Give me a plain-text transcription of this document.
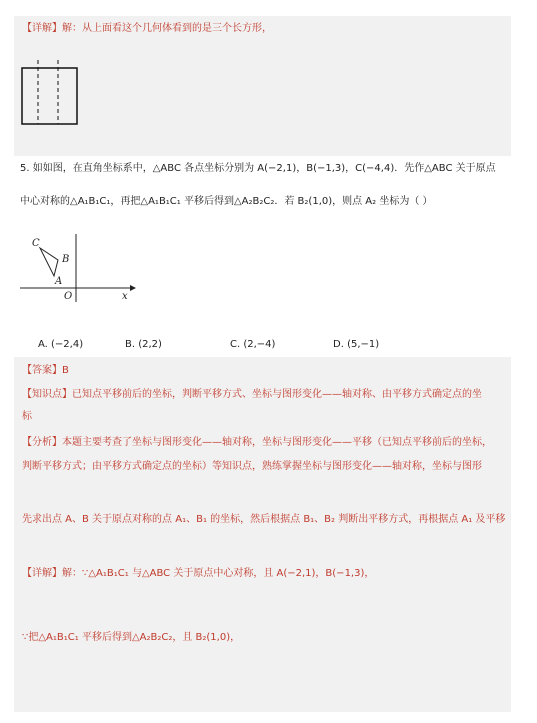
【详解】解：从上面看这个几何体看到的是三个长方形，
5. 如如图，在直角坐标系中，△ABC 各点坐标分别为 A(−2,1)，B(−1,3)，C(−4,4)．先作△ABC 关于原点
中心对称的△A₁B₁C₁，再把△A₁B₁C₁ 平移后得到△A₂B₂C₂．若 B₂(1,0)，则点 A₂ 坐标为（ ）
C
B
A
O	x
A. (−2,4)	B. (2,2)	C. (2,−4)	D. (5,−1)
【答案】B
【知识点】已知点平移前后的坐标，判断平移方式、坐标与图形变化——轴对称、由平移方式确定点的坐
标
【分析】本题主要考查了坐标与图形变化——轴对称，坐标与图形变化——平移（已知点平移前后的坐标，
判断平移方式；由平移方式确定点的坐标）等知识点，熟练掌握坐标与图形变化——轴对称，坐标与图形
先求出点 A、B 关于原点对称的点 A₁、B₁ 的坐标，然后根据点 B₁、B₂ 判断出平移方式，再根据点 A₁ 及平移
【详解】解：∵△A₁B₁C₁ 与△ABC 关于原点中心对称，且 A(−2,1)，B(−1,3)，
∵把△A₁B₁C₁ 平移后得到△A₂B₂C₂，且 B₂(1,0)，
